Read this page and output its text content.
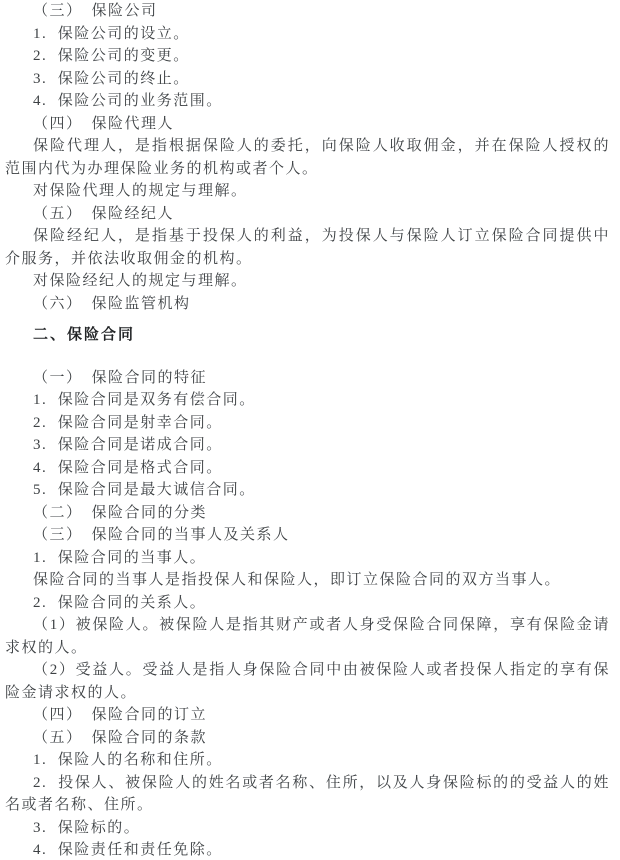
（三）　保险公司

1.  保险公司的设立。

2.  保险公司的变更。

3.  保险公司的终止。

4.  保险公司的业务范围。

（四）　保险代理人

保险代理人，是指根据保险人的委托，向保险人收取佣金，并在保险人授权的范围内代为办理保险业务的机构或者个人。

对保险代理人的规定与理解。

（五）　保险经纪人

保险经纪人，是指基于投保人的利益，为投保人与保险人订立保险合同提供中介服务，并依法收取佣金的机构。

对保险经纪人的规定与理解。

（六）　保险监管机构

二、保险合同

（一）　保险合同的特征

1.  保险合同是双务有偿合同。

2.  保险合同是射幸合同。

3.  保险合同是诺成合同。

4.  保险合同是格式合同。

5.  保险合同是最大诚信合同。

（二）　保险合同的分类

（三）　保险合同的当事人及关系人

1.  保险合同的当事人。

保险合同的当事人是指投保人和保险人，即订立保险合同的双方当事人。

2.  保险合同的关系人。

（1）被保险人。被保险人是指其财产或者人身受保险合同保障，享有保险金请求权的人。

（2）受益人。受益人是指人身保险合同中由被保险人或者投保人指定的享有保险金请求权的人。

（四）　保险合同的订立

（五）　保险合同的条款

1.  保险人的名称和住所。

2.  投保人、被保险人的姓名或者名称、住所，以及人身保险标的的受益人的姓名或者名称、住所。

3.  保险标的。

4.  保险责任和责任免除。
